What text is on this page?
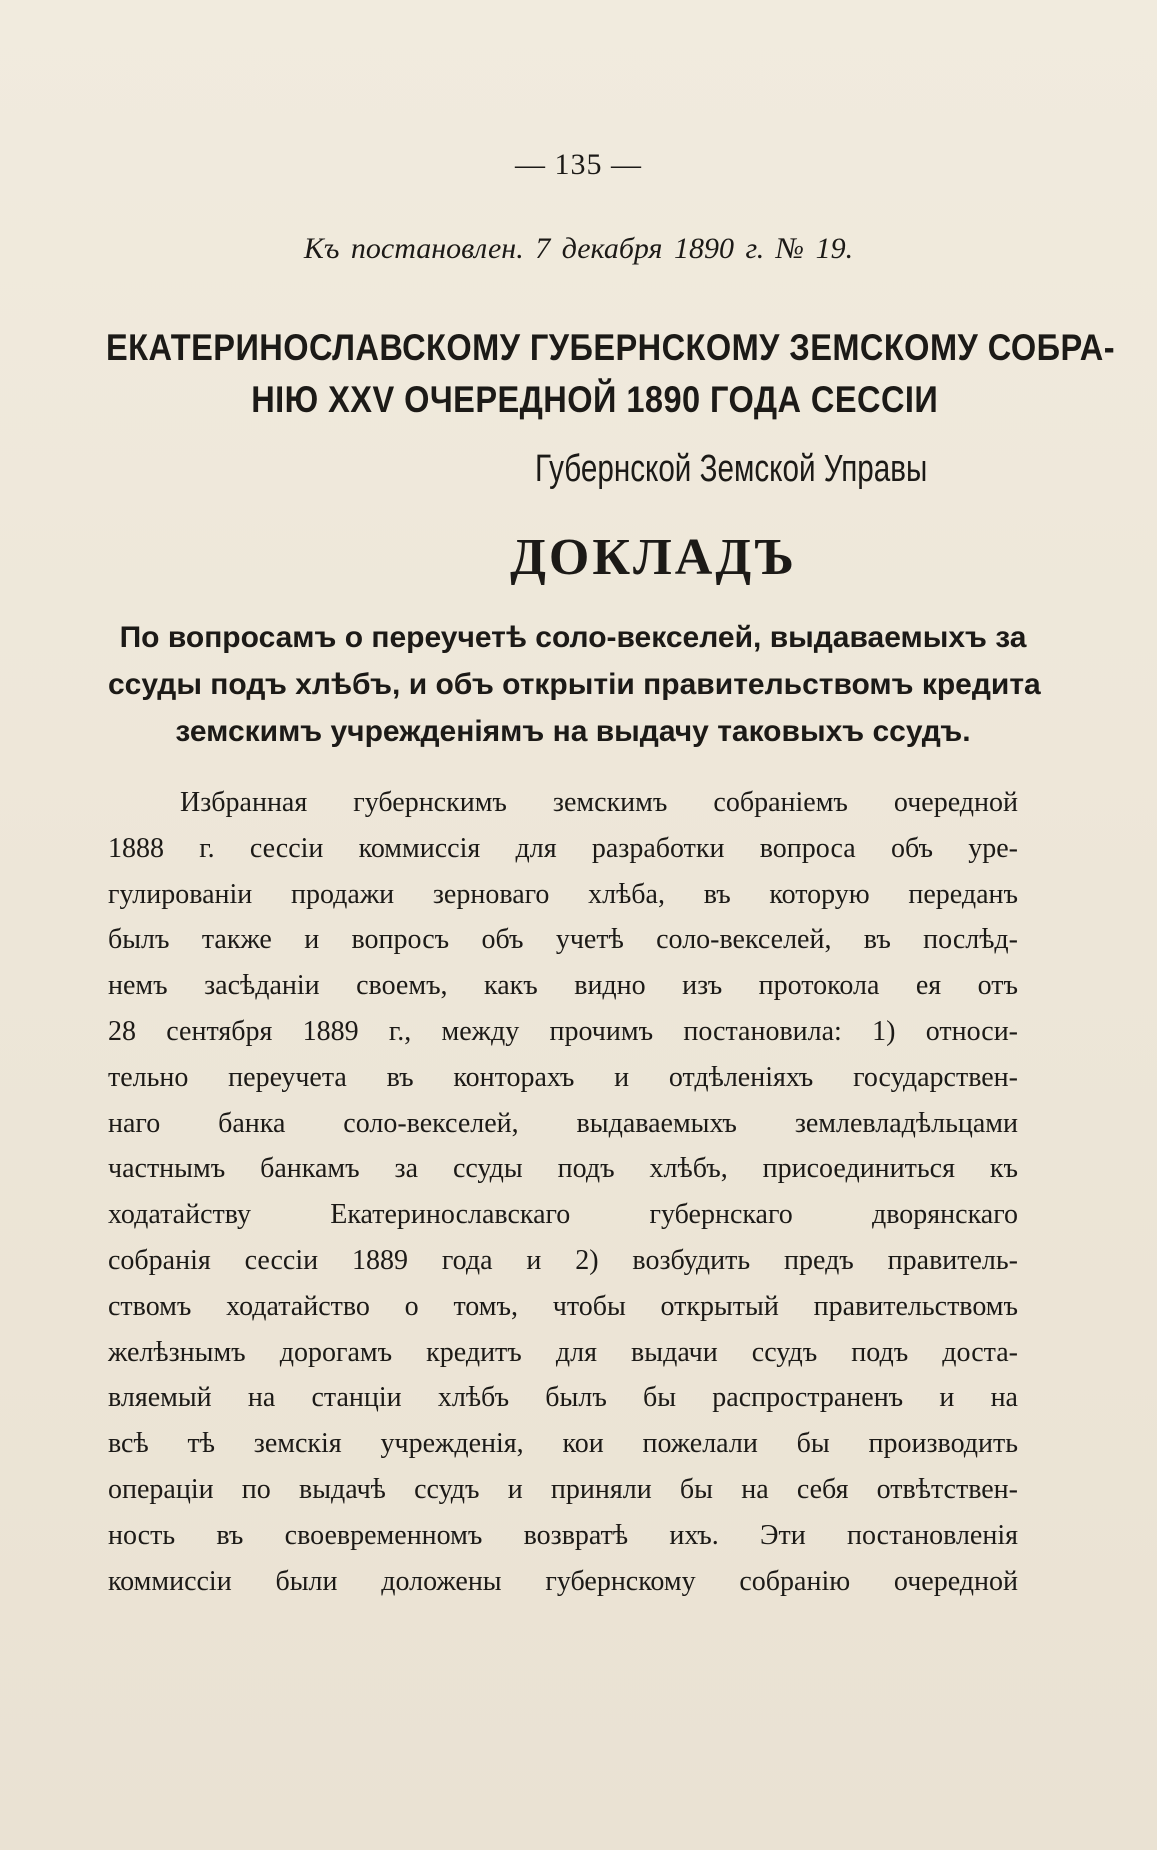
— 135 —
Къ постановлен. 7 декабря 1890 г. № 19.
ЕКАТЕРИНОСЛАВСКОМУ ГУБЕРНСКОМУ ЗЕМСКОМУ СОБРА-
НІЮ XXV ОЧЕРЕДНОЙ 1890 ГОДА СЕССІИ
Губернской Земской Управы
ДОКЛАДЪ
По вопросамъ о переучетѣ соло-векселей, выдаваемыхъ за
ссуды подъ хлѣбъ, и объ открытіи правительствомъ кредита
земскимъ учрежденіямъ на выдачу таковыхъ ссудъ.
Избранная губернскимъ земскимъ собраніемъ очередной
1888 г. сессіи коммиссія для разработки вопроса объ уре-
гулированіи продажи зерноваго хлѣба, въ которую переданъ
былъ также и вопросъ объ учетѣ соло-векселей, въ послѣд-
немъ засѣданіи своемъ, какъ видно изъ протокола ея отъ
28 сентября 1889 г., между прочимъ постановила: 1) относи-
тельно переучета въ конторахъ и отдѣленіяхъ государствен-
наго банка соло-векселей, выдаваемыхъ землевладѣльцами
частнымъ банкамъ за ссуды подъ хлѣбъ, присоединиться къ
ходатайству Екатеринославскаго губернскаго дворянскаго
собранія сессіи 1889 года и 2) возбудить предъ правитель-
ствомъ ходатайство о томъ, чтобы открытый правительствомъ
желѣзнымъ дорогамъ кредитъ для выдачи ссудъ подъ доста-
вляемый на станціи хлѣбъ былъ бы распространенъ и на
всѣ тѣ земскія учрежденія, кои пожелали бы производить
операціи по выдачѣ ссудъ и приняли бы на себя отвѣтствен-
ность въ своевременномъ возвратѣ ихъ. Эти постановленія
коммиссіи были доложены губернскому собранію очередной
